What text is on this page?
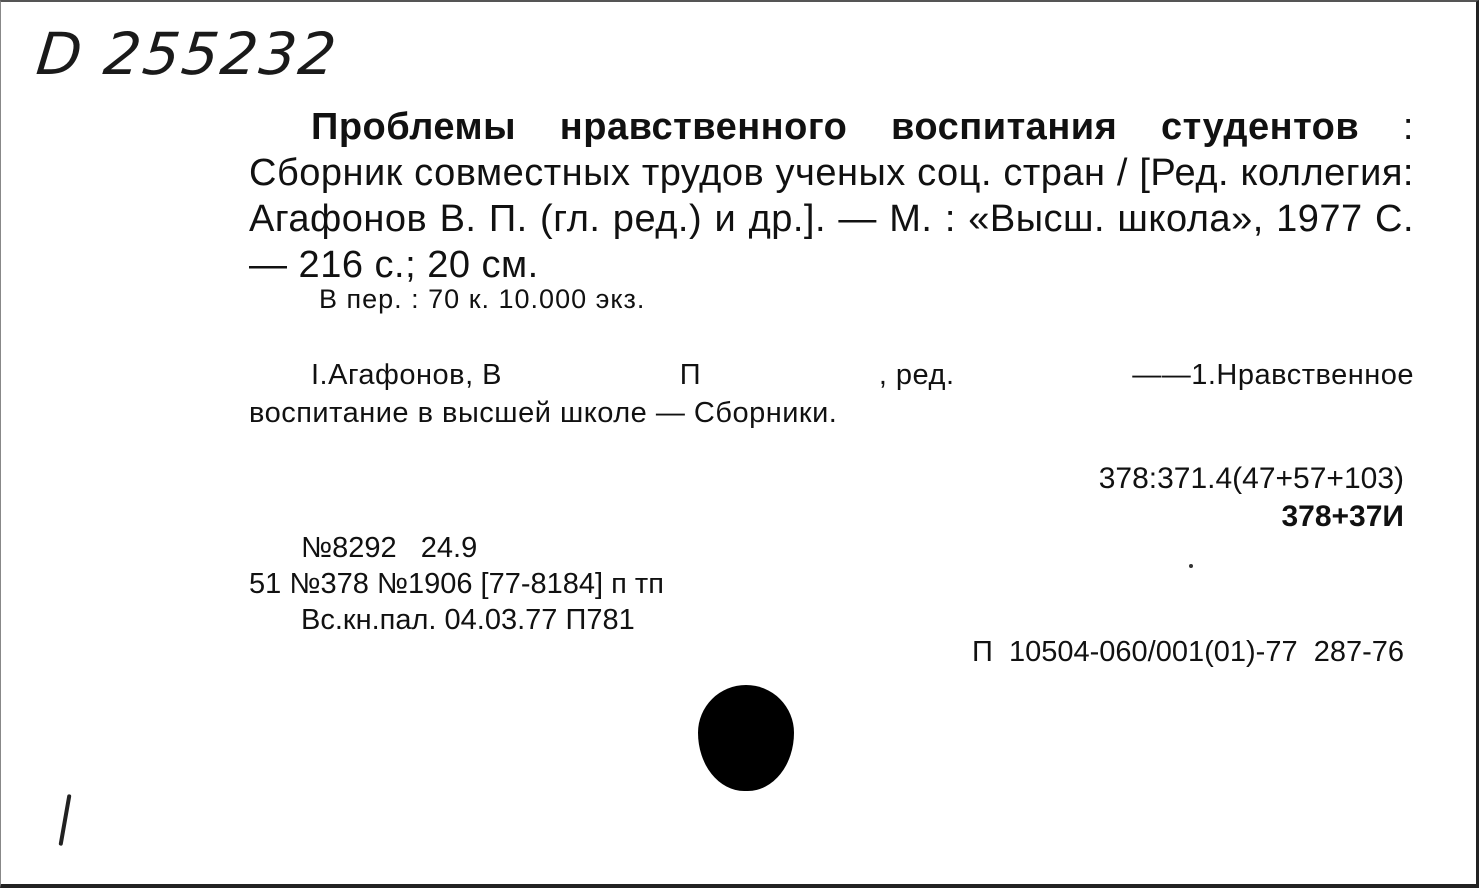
D 255232
Проблемы нравственного воспитания студентов : Сборник совместных трудов ученых соц. стран / [Ред. коллегия: Агафонов В. П. (гл. ред.) и др.]. — М. : «Высш. школа», 1977 С. — 216 с.; 20 см.
В пер. : 70 к. 10.000 экз.
I.Агафонов, В	П	, ред.	——1.Нравственное
воспитание в высшей школе — Сборники.
378:371.4(47+57+103)
378+37И
№8292   24.9
51 №378 №1906 [77-8184] п тп
Вс.кн.пал. 04.03.77 П781
П  10504-060/001(01)-77  287-76
